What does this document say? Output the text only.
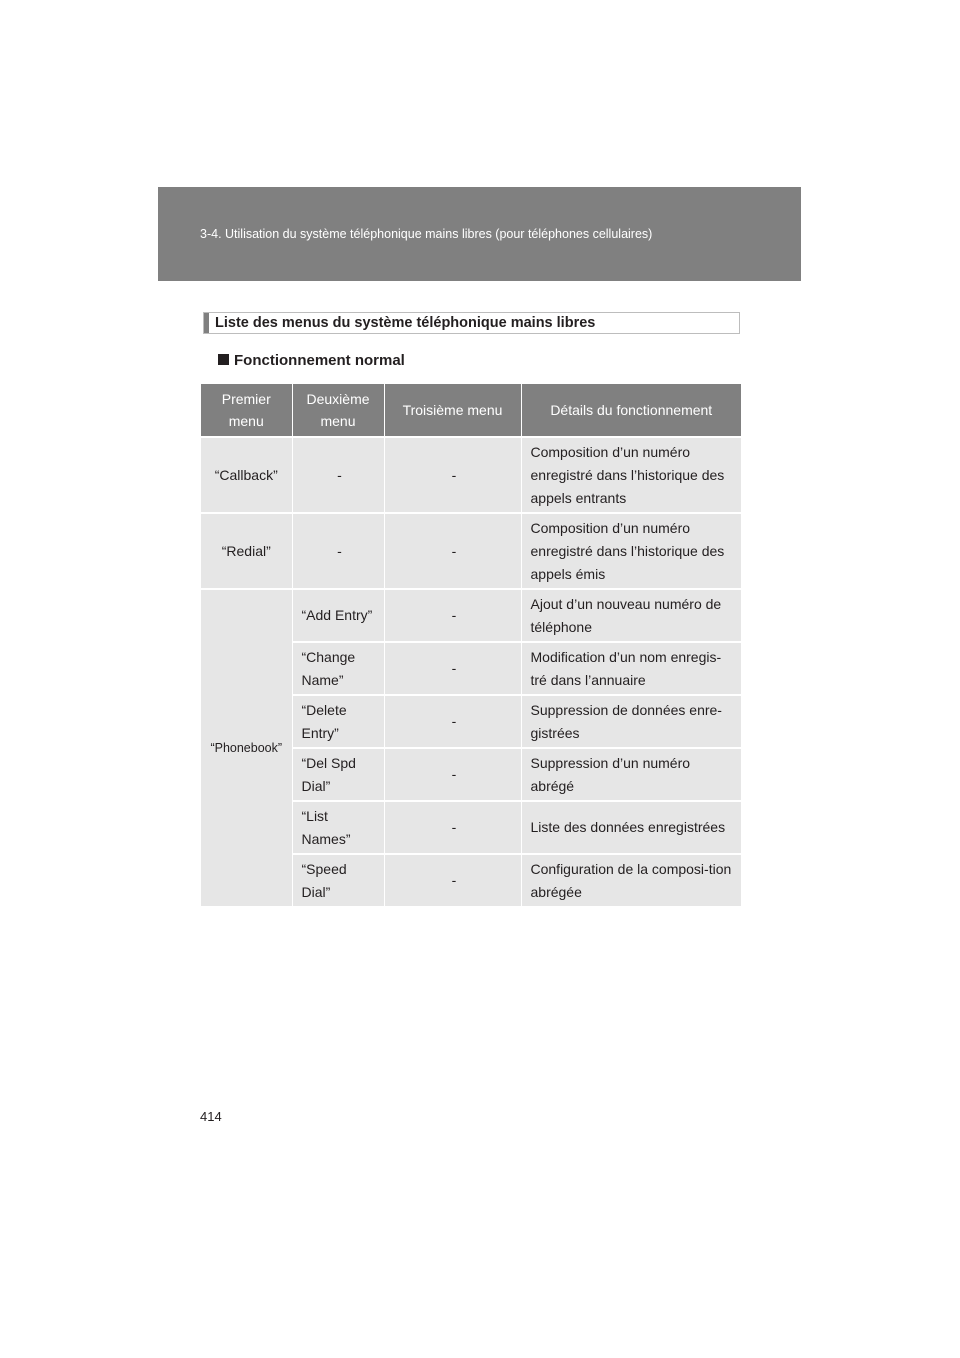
3-4. Utilisation du système téléphonique mains libres (pour téléphones cellulaires)
Liste des menus du système téléphonique mains libres
Fonctionnement normal
Premier menu	Deuxième menu	Troisième menu	Détails du fonctionnement
“Callback”	-	-	Composition d’un numéro enregistré dans l’historique des appels entrants
“Redial”	-	-	Composition d’un numéro enregistré dans l’historique des appels émis
“Phonebook”	“Add Entry”	-	Ajout d’un nouveau numéro de téléphone
	“Change Name”	-	Modification d’un nom enregis-tré dans l’annuaire
	“Delete Entry”	-	Suppression de données enre-gistrées
	“Del Spd Dial”	-	Suppression d’un numéro abrégé
	“List Names”	-	Liste des données enregistrées
	“Speed Dial”	-	Configuration de la composi-tion abrégée
414
